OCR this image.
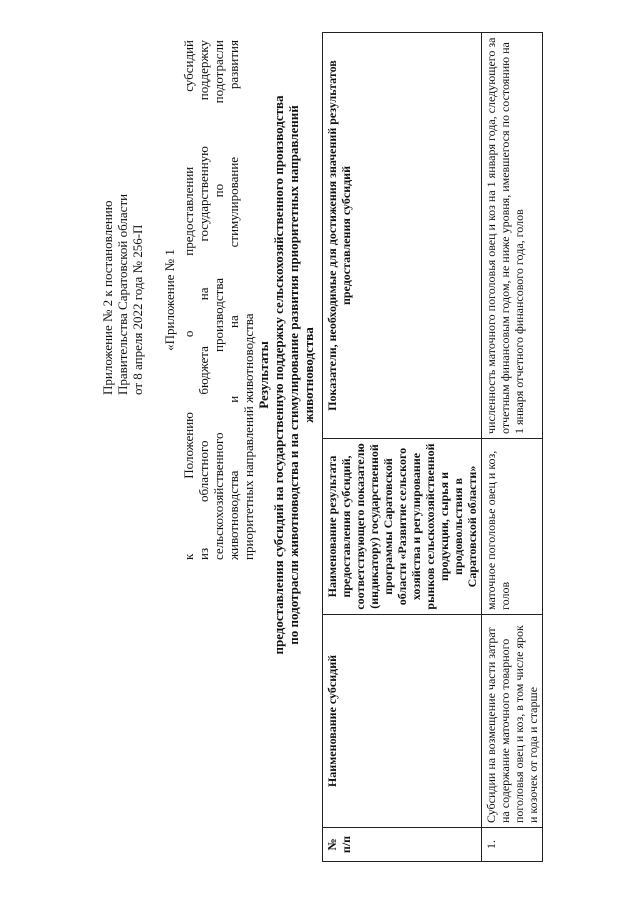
Приложение № 2 к постановлению Правительства Саратовской области от 8 апреля 2022 года № 256-П «Приложение № 1 к Положению о предоставлении субсидий из областного бюджета на государственную поддержку сельскохозяйственного производства по подотрасли животноводства и на стимулирование развития приоритетных направлений животноводства Результаты предоставления субсидий на государственную поддержку сельскохозяйственного производства по подотрасли животноводства и на стимулирование развития приоритетных направлений животноводства
№ п/п	Наименование субсидий	Наименование результата предоставления субсидий, соответствующего показателю (индикатору) государственной программы Саратовской области «Развитие сельского хозяйства и регулирование рынков сельскохозяйственной продукции, сырья и продовольствия в Саратовской области»	Показатели, необходимые для достижения значений результатов предоставления субсидий
1.	Субсидии на возмещение части затрат на содержание маточного товарного поголовья овец и коз, в том числе ярок и козочек от года и старше	маточное поголовье овец и коз, голов	численность маточного поголовья овец и коз на 1 января года, следующего за отчетным финансовым годом, не ниже уровня, имевшегося по состоянию на 1 января отчетного финансового года, голов
